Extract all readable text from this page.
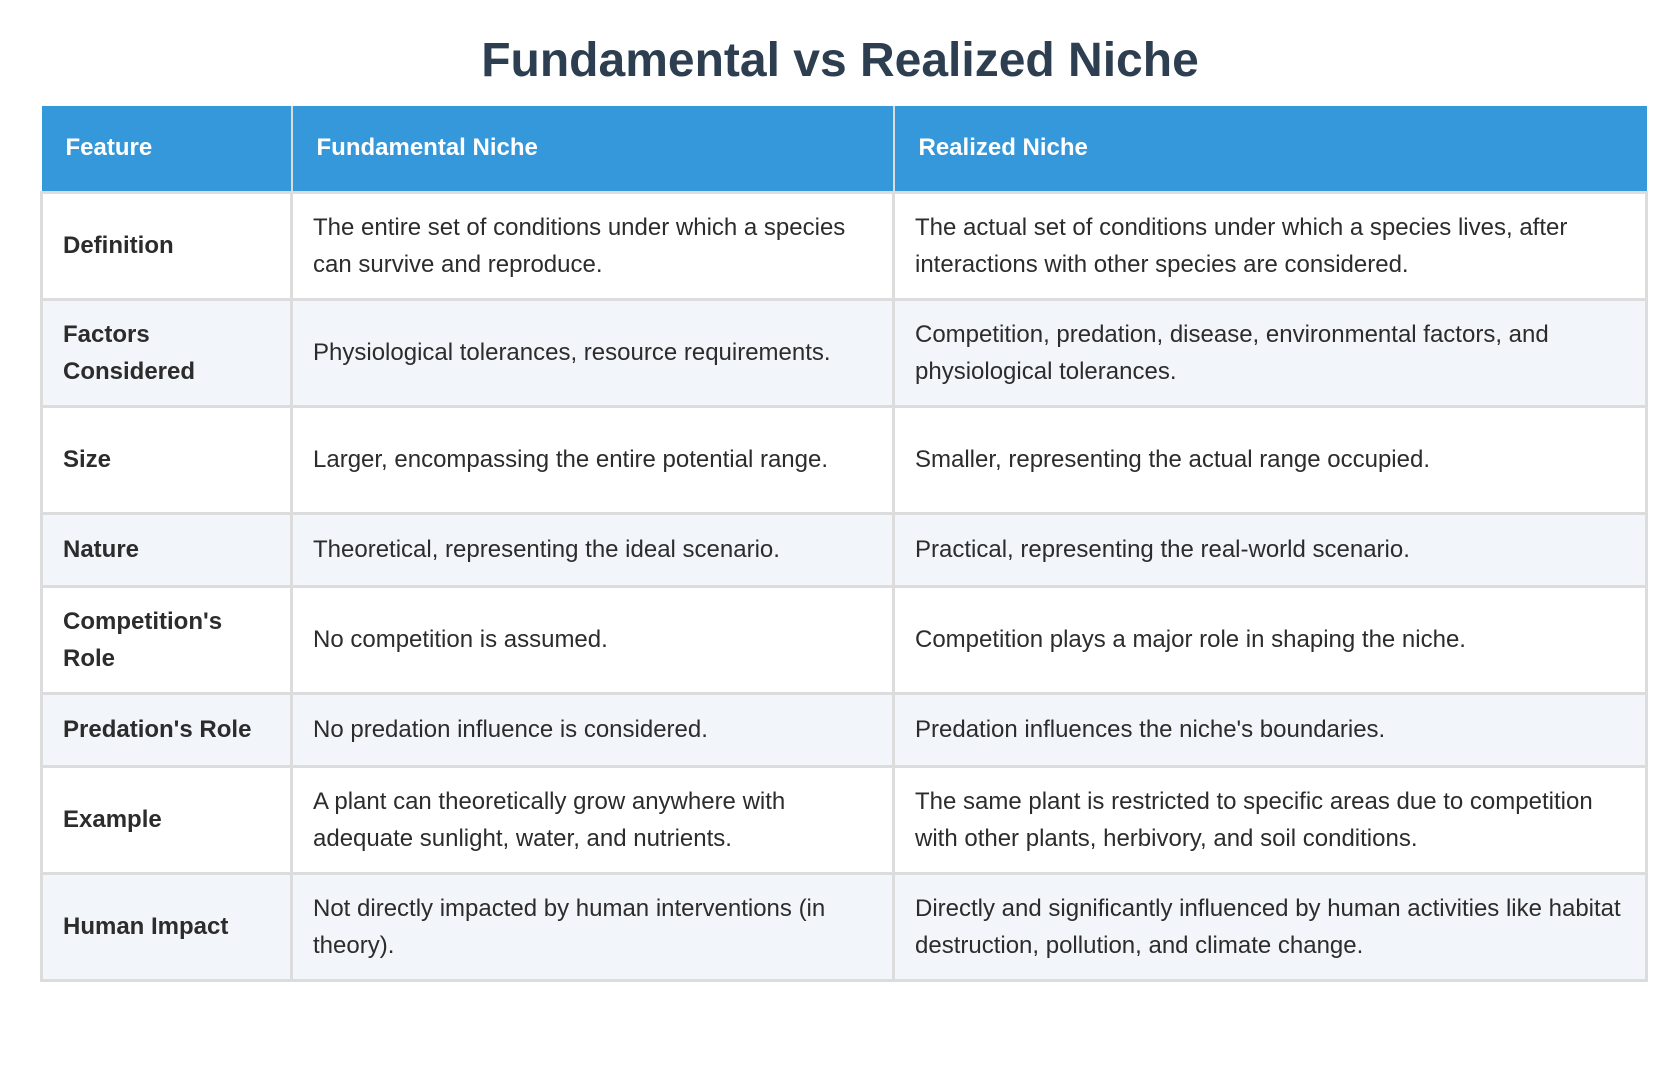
Fundamental vs Realized Niche
Feature	Fundamental Niche	Realized Niche
Definition	The entire set of conditions under which a species can survive and reproduce.	The actual set of conditions under which a species lives, after interactions with other species are considered.
Factors Considered	Physiological tolerances, resource requirements.	Competition, predation, disease, environmental factors, and physiological tolerances.
Size	Larger, encompassing the entire potential range.	Smaller, representing the actual range occupied.
Nature	Theoretical, representing the ideal scenario.	Practical, representing the real-world scenario.
Competition's Role	No competition is assumed.	Competition plays a major role in shaping the niche.
Predation's Role	No predation influence is considered.	Predation influences the niche's boundaries.
Example	A plant can theoretically grow anywhere with adequate sunlight, water, and nutrients.	The same plant is restricted to specific areas due to competition with other plants, herbivory, and soil conditions.
Human Impact	Not directly impacted by human interventions (in theory).	Directly and significantly influenced by human activities like habitat destruction, pollution, and climate change.
